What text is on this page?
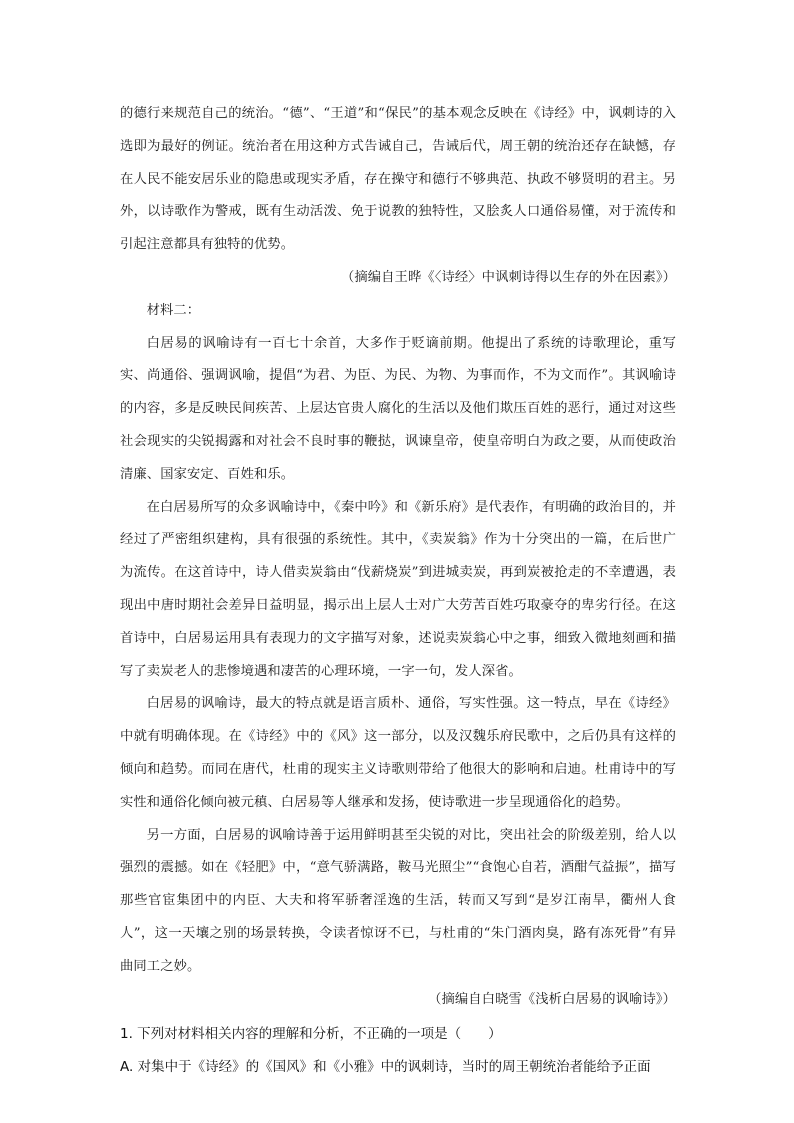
的德行来规范自己的统治。“德”、“王道”和“保民”的基本观念反映在《诗经》中，讽刺诗的入选即为最好的例证。统治者在用这种方式告诫自己，告诫后代，周王朝的统治还存在缺憾，存在人民不能安居乐业的隐患或现实矛盾，存在操守和德行不够典范、执政不够贤明的君主。另外，以诗歌作为警戒，既有生动活泼、免于说教的独特性，又脍炙人口通俗易懂，对于流传和引起注意都具有独特的优势。

（摘编自王晔《〈诗经〉中讽刺诗得以生存的外在因素》）

材料二：

白居易的讽喻诗有一百七十余首，大多作于贬谪前期。他提出了系统的诗歌理论，重写实、尚通俗、强调讽喻，提倡“为君、为臣、为民、为物、为事而作，不为文而作”。其讽喻诗的内容，多是反映民间疾苦、上层达官贵人腐化的生活以及他们欺压百姓的恶行，通过对这些社会现实的尖锐揭露和对社会不良时事的鞭挞，讽谏皇帝，使皇帝明白为政之要，从而使政治清廉、国家安定、百姓和乐。

在白居易所写的众多讽喻诗中，《秦中吟》和《新乐府》是代表作，有明确的政治目的，并经过了严密组织建构，具有很强的系统性。其中，《卖炭翁》作为十分突出的一篇，在后世广为流传。在这首诗中，诗人借卖炭翁由“伐薪烧炭”到进城卖炭，再到炭被抢走的不幸遭遇，表现出中唐时期社会差异日益明显，揭示出上层人士对广大劳苦百姓巧取豪夺的卑劣行径。在这首诗中，白居易运用具有表现力的文字描写对象，述说卖炭翁心中之事，细致入微地刻画和描写了卖炭老人的悲惨境遇和凄苦的心理环境，一字一句，发人深省。

白居易的讽喻诗，最大的特点就是语言质朴、通俗，写实性强。这一特点，早在《诗经》中就有明确体现。在《诗经》中的《风》这一部分，以及汉魏乐府民歌中，之后仍具有这样的倾向和趋势。而同在唐代，杜甫的现实主义诗歌则带给了他很大的影响和启迪。杜甫诗中的写实性和通俗化倾向被元稹、白居易等人继承和发扬，使诗歌进一步呈现通俗化的趋势。

另一方面，白居易的讽喻诗善于运用鲜明甚至尖锐的对比，突出社会的阶级差别，给人以强烈的震撼。如在《轻肥》中，“意气骄满路，鞍马光照尘”“食饱心自若，酒酣气益振”，描写那些官宦集团中的内臣、大夫和将军骄奢淫逸的生活，转而又写到“是岁江南旱，衢州人食人”，这一天壤之别的场景转换，令读者惊讶不已，与杜甫的“朱门酒肉臭，路有冻死骨”有异曲同工之妙。

（摘编自白晓雪《浅析白居易的讽喻诗》）

1. 下列对材料相关内容的理解和分析，不正确的一项是（　　）

A. 对集中于《诗经》的《国风》和《小雅》中的讽刺诗，当时的周王朝统治者能给予正面
